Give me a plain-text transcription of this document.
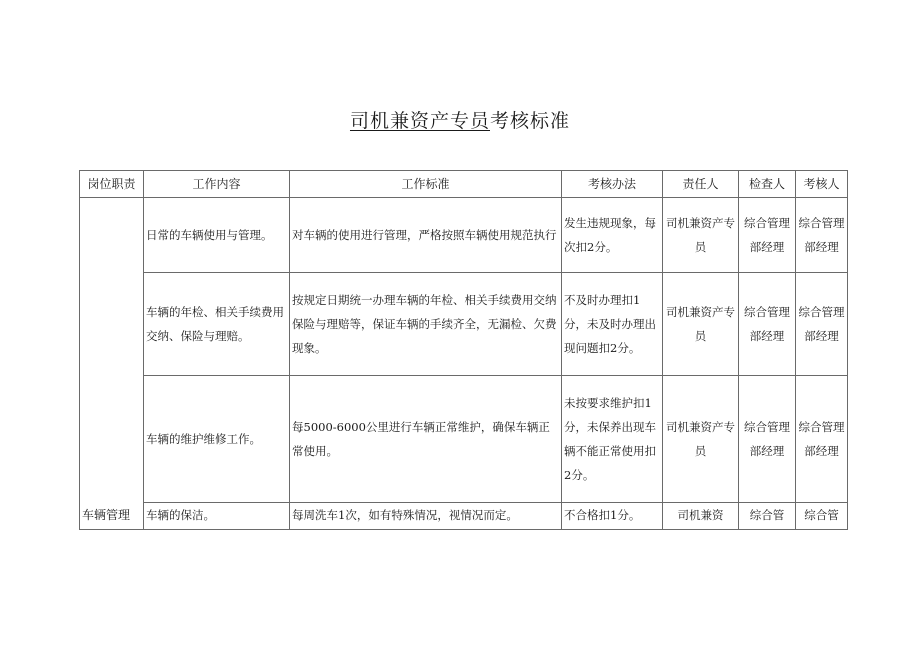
司机兼资产专员考核标准
岗位职责	工作内容	工作标准	考核办法	责任人	检查人	考核人
车辆管理	日常的车辆使用与管理。	对车辆的使用进行管理，严格按照车辆使用规范执行	发生违规现象，每次扣2分。	司机兼资产专员	综合管理部经理	综合管理部经理
	车辆的年检、相关手续费用交纳、保险与理赔。	按规定日期统一办理车辆的年检、相关手续费用交纳保险与理赔等，保证车辆的手续齐全，无漏检、欠费现象。	不及时办理扣1分，未及时办理出现问题扣2分。	司机兼资产专员	综合管理部经理	综合管理部经理
	车辆的维护维修工作。	每5000-6000公里进行车辆正常维护，确保车辆正常使用。	未按要求维护扣1分，未保养出现车辆不能正常使用扣2分。	司机兼资产专员	综合管理部经理	综合管理部经理
	车辆的保洁。	每周洗车1次，如有特殊情况，视情况而定。	不合格扣1分。	司机兼资	综合管	综合管
